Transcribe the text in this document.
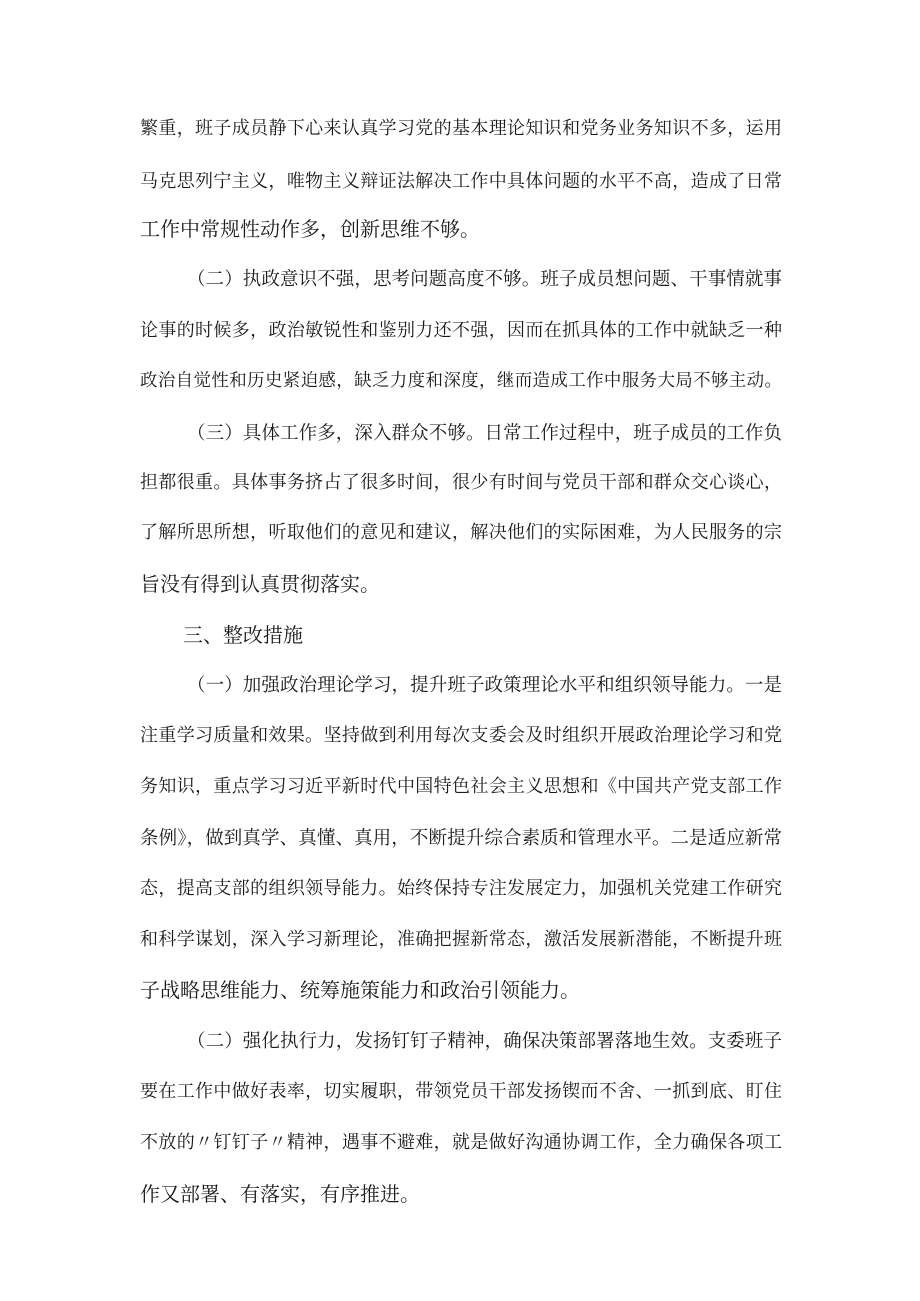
繁重，班子成员静下心来认真学习党的基本理论知识和党务业务知识不多，运用
马克思列宁主义，唯物主义辩证法解决工作中具体问题的水平不高，造成了日常
工作中常规性动作多，创新思维不够。
（二）执政意识不强，思考问题高度不够。班子成员想问题、干事情就事
论事的时候多，政治敏锐性和鉴别力还不强，因而在抓具体的工作中就缺乏一种
政治自觉性和历史紧迫感，缺乏力度和深度，继而造成工作中服务大局不够主动。
（三）具体工作多，深入群众不够。日常工作过程中，班子成员的工作负
担都很重。具体事务挤占了很多时间，很少有时间与党员干部和群众交心谈心，
了解所思所想，听取他们的意见和建议，解决他们的实际困难，为人民服务的宗
旨没有得到认真贯彻落实。
三、整改措施
（一）加强政治理论学习，提升班子政策理论水平和组织领导能力。一是
注重学习质量和效果。坚持做到利用每次支委会及时组织开展政治理论学习和党
务知识，重点学习习近平新时代中国特色社会主义思想和《中国共产党支部工作
条例》，做到真学、真懂、真用，不断提升综合素质和管理水平。二是适应新常
态，提高支部的组织领导能力。始终保持专注发展定力，加强机关党建工作研究
和科学谋划，深入学习新理论，准确把握新常态，激活发展新潜能，不断提升班
子战略思维能力、统筹施策能力和政治引领能力。
（二）强化执行力，发扬钉钉子精神，确保决策部署落地生效。支委班子
要在工作中做好表率，切实履职，带领党员干部发扬锲而不舍、一抓到底、盯住
不放的〃钉钉子〃精神，遇事不避难，就是做好沟通协调工作，全力确保各项工
作又部署、有落实，有序推进。
